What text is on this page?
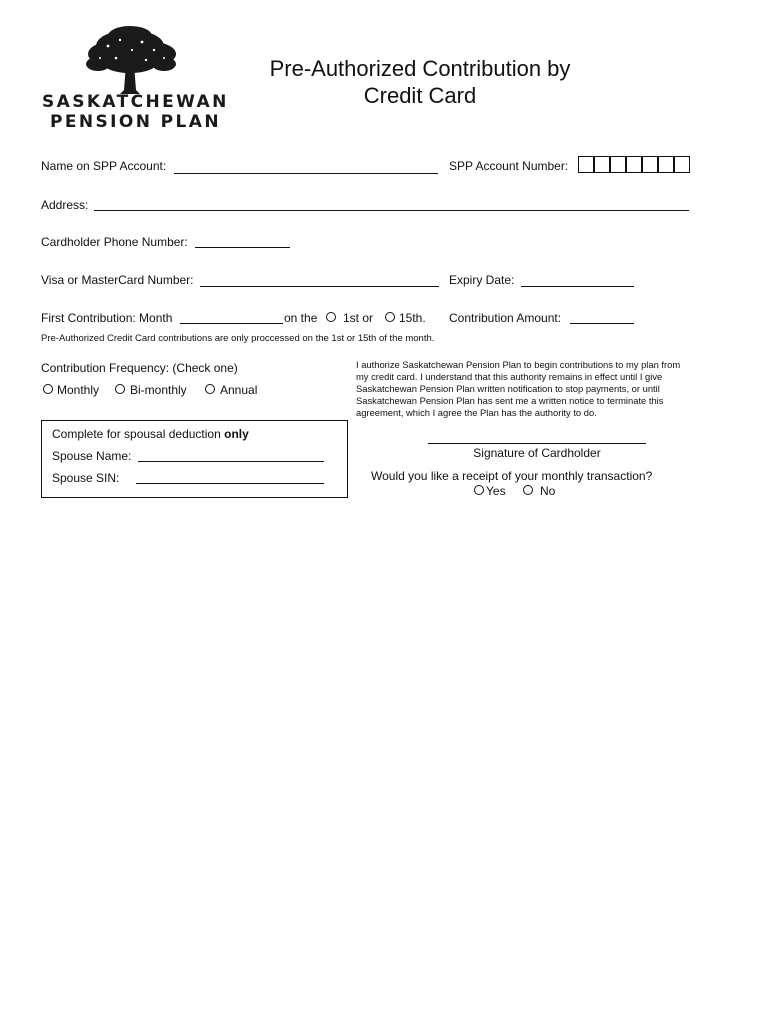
SASKATCHEWAN
PENSION PLAN
Pre-Authorized Contribution by
Credit Card
Name on SPP Account:	SPP Account Number:
Address:
Cardholder Phone Number:
Visa or MasterCard Number:	Expiry Date:
First Contribution: Month	on the 1st or 15th. Contribution Amount:
Pre-Authorized Credit Card contributions are only proccessed on the 1st or 15th of the month.
Contribution Frequency: (Check one)
Monthly	Bi-monthly	Annual
I authorize Saskatchewan Pension Plan to begin contributions to my plan from
my credit card. I understand that this authority remains in effect until I give
Saskatchewan Pension Plan written notification to stop payments, or until
Saskatchewan Pension Plan has sent me a written notice to terminate this
agreement, which I agree the Plan has the authority to do.
Complete for spousal deduction only
Spouse Name:
Spouse SIN:
Signature of Cardholder
Would you like a receipt of your monthly transaction?
Yes	No
